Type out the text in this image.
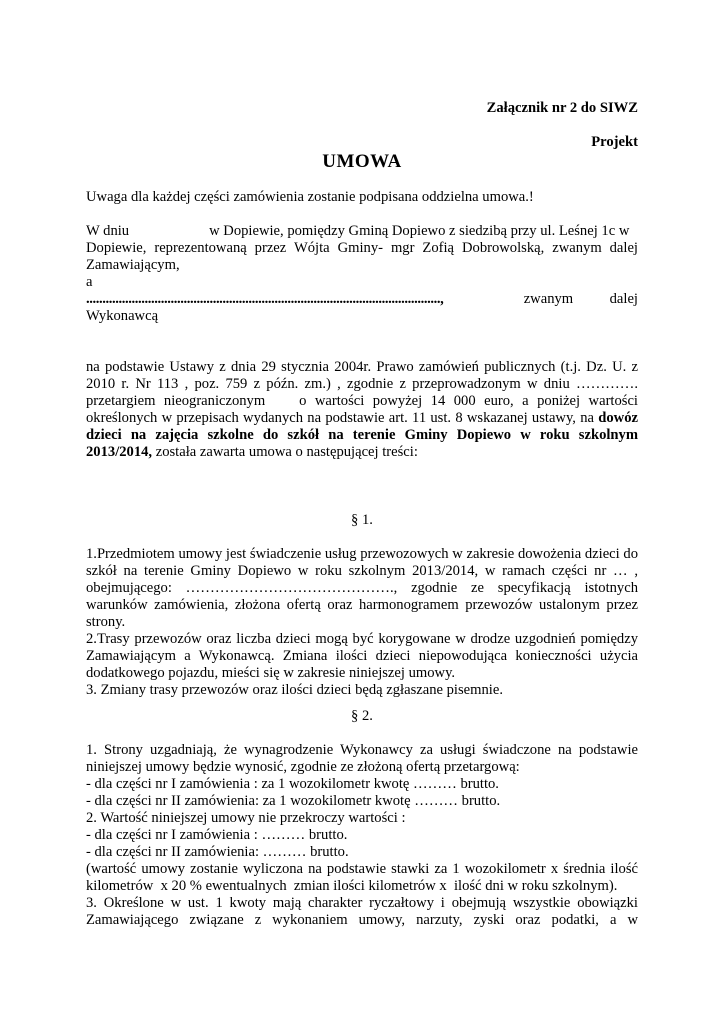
Załącznik nr 2 do SIWZ
Projekt
UMOWA
Uwaga dla każdej części zamówienia zostanie podpisana oddzielna umowa.!
W dniu	w Dopiewie, pomiędzy Gminą Dopiewo z siedzibą przy ul. Leśnej 1c w
Dopiewie, reprezentowaną przez Wójta Gminy- mgr Zofią Dobrowolską, zwanym dalej
Zamawiającym,
a
.............................................................................................................,	zwanym          dalej
Wykonawcą
na podstawie Ustawy z dnia 29 stycznia 2004r. Prawo zamówień publicznych (t.j. Dz. U. z
2010 r. Nr 113 , poz. 759 z późn. zm.) , zgodnie z przeprowadzonym w dniu ………….
przetargiem nieograniczonym    o wartości powyżej 14 000 euro, a poniżej wartości
określonych w przepisach wydanych na podstawie art. 11 ust. 8 wskazanej ustawy, na dowóz
dzieci na zajęcia szkolne do szkół na terenie Gminy Dopiewo w roku szkolnym
2013/2014, została zawarta umowa o następującej treści:
§ 1.
1.Przedmiotem umowy jest świadczenie usług przewozowych w zakresie dowożenia dzieci do
szkół na terenie Gminy Dopiewo w roku szkolnym 2013/2014, w ramach części nr … ,
obejmującego: ……………………………………., zgodnie ze specyfikacją istotnych
warunków zamówienia, złożona ofertą oraz harmonogramem przewozów ustalonym przez
strony.
2.Trasy przewozów oraz liczba dzieci mogą być korygowane w drodze uzgodnień pomiędzy
Zamawiającym a Wykonawcą. Zmiana ilości dzieci niepowodująca konieczności użycia
dodatkowego pojazdu, mieści się w zakresie niniejszej umowy.
3. Zmiany trasy przewozów oraz ilości dzieci będą zgłaszane pisemnie.
§ 2.
1. Strony uzgadniają, że wynagrodzenie Wykonawcy za usługi świadczone na podstawie
niniejszej umowy będzie wynosić, zgodnie ze złożoną ofertą przetargową:
- dla części nr I zamówienia : za 1 wozokilometr kwotę ……… brutto.
- dla części nr II zamówienia: za 1 wozokilometr kwotę ……… brutto.
2. Wartość niniejszej umowy nie przekroczy wartości :
- dla części nr I zamówienia : ……… brutto.
- dla części nr II zamówienia: ……… brutto.
(wartość umowy zostanie wyliczona na podstawie stawki za 1 wozokilometr x średnia ilość
kilometrów  x 20 % ewentualnych  zmian ilości kilometrów x  ilość dni w roku szkolnym).
3. Określone w ust. 1 kwoty mają charakter ryczałtowy i obejmują wszystkie obowiązki
Zamawiającego związane z wykonaniem umowy, narzuty, zyski oraz podatki, a w
